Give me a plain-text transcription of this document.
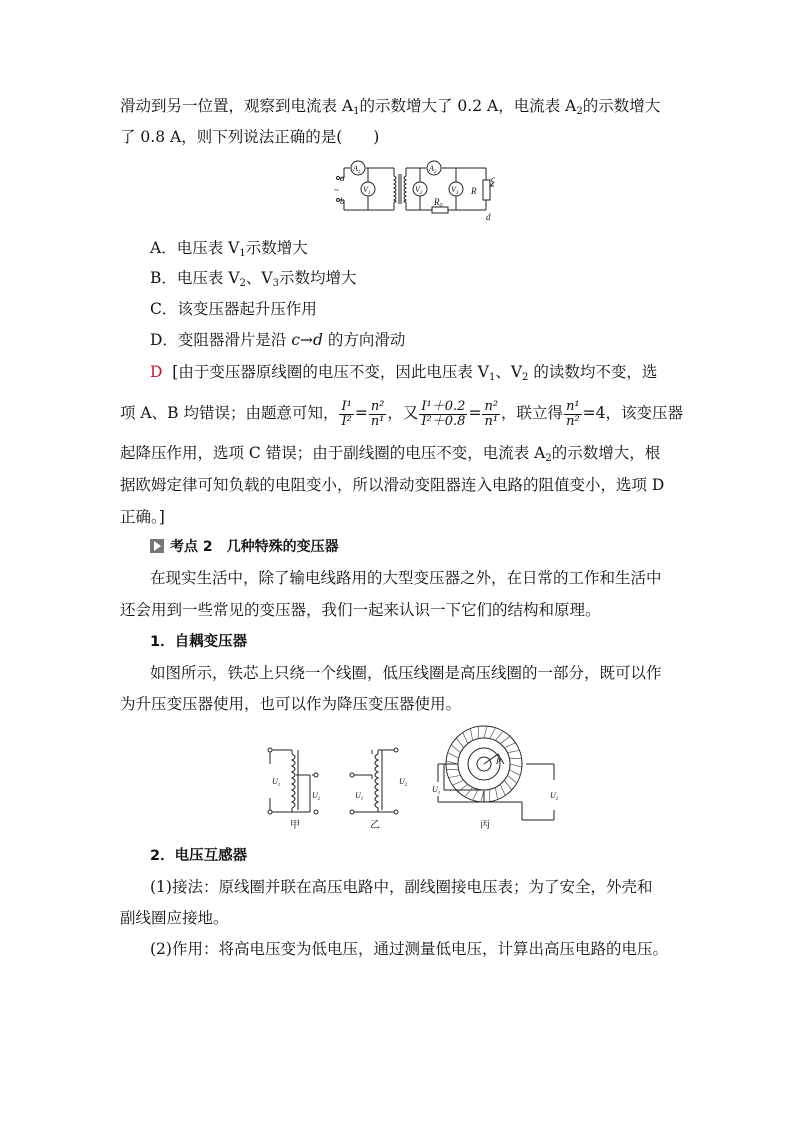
滑动到另一位置，观察到电流表 $A_1$的示数增大了 0.2 A，电流表 $A_2$的示数增大
了 0.8 A，则下列说法正确的是(　　)
a
~
b
c
d
R
$R_0$
$A_1$	$A_2$
$V_1$	$V_2$	$V_3$
A．电压表 $V_1$示数增大
B．电压表 $V_2$、$V_3$示数均增大
C．该变压器起升压作用
D．变阻器滑片是沿 c→d 的方向滑动
D [由于变压器原线圈的电压不变，因此电压表 $V_1$、$V_2$ 的读数均不变，选
项 A、B 均错误；由题意可知， $\frac{\text{I¹}}{\text{I²}} = \frac{\text{n²}}{\text{n¹}}$ ，又 $\frac{\text{I¹＋0.2}}{\text{I²＋0.8}} = \frac{\text{n²}}{\text{n¹}}$ ，联立得 $\frac{\text{n¹}}{\text{n²}} =4$，该变压器
起降压作用，选项 C 错误；由于副线圈的电压不变，电流表 $A_2$的示数增大，根
据欧姆定律可知负载的电阻变小，所以滑动变阻器连入电路的阻值变小，选项 D
正确。]
考点 2　几种特殊的变压器
在现实生活中，除了输电线路用的大型变压器之外，在日常的工作和生活中
还会用到一些常见的变压器，我们一起来认识一下它们的结构和原理。
1．自耦变压器
如图所示，铁芯上只绕一个线圈，低压线圈是高压线圈的一部分，既可以作
为升压变压器使用，也可以作为降压变压器使用。
$U_1$
$U_2$	$U_1$
$U_2$	$U_1$	$U_2$
P
甲	乙	丙
2．电压互感器
(1)接法：原线圈并联在高压电路中，副线圈接电压表；为了安全，外壳和
副线圈应接地。
(2)作用：将高电压变为低电压，通过测量低电压，计算出高压电路的电压。
